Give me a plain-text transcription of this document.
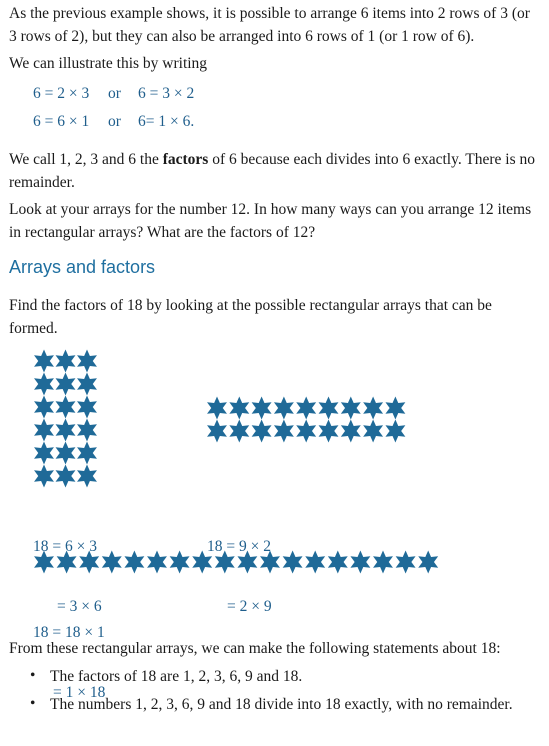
As the previous example shows, it is possible to arrange 6 items into 2 rows of 3 (or 3 rows of 2), but they can also be arranged into 6 rows of 1 (or 1 row of 6).

We can illustrate this by writing

6 = 2 × 3 or 6 = 3 × 2
6 = 6 × 1 or 6= 1 × 6.

We call 1, 2, 3 and 6 the factors of 6 because each divides into 6 exactly. There is no remainder.

Look at your arrays for the number 12. In how many ways can you arrange 12 items in rectangular arrays? What are the factors of 12?

Arrays and factors

Find the factors of 18 by looking at the possible rectangular arrays that can be formed.

18 = 6 × 3

= 3 × 6

18 = 9 × 2

= 2 × 9

18 = 18 × 1

= 1 × 18

From these rectangular arrays, we can make the following statements about 18:

• The factors of 18 are 1, 2, 3, 6, 9 and 18.
• The numbers 1, 2, 3, 6, 9 and 18 divide into 18 exactly, with no remainder.
